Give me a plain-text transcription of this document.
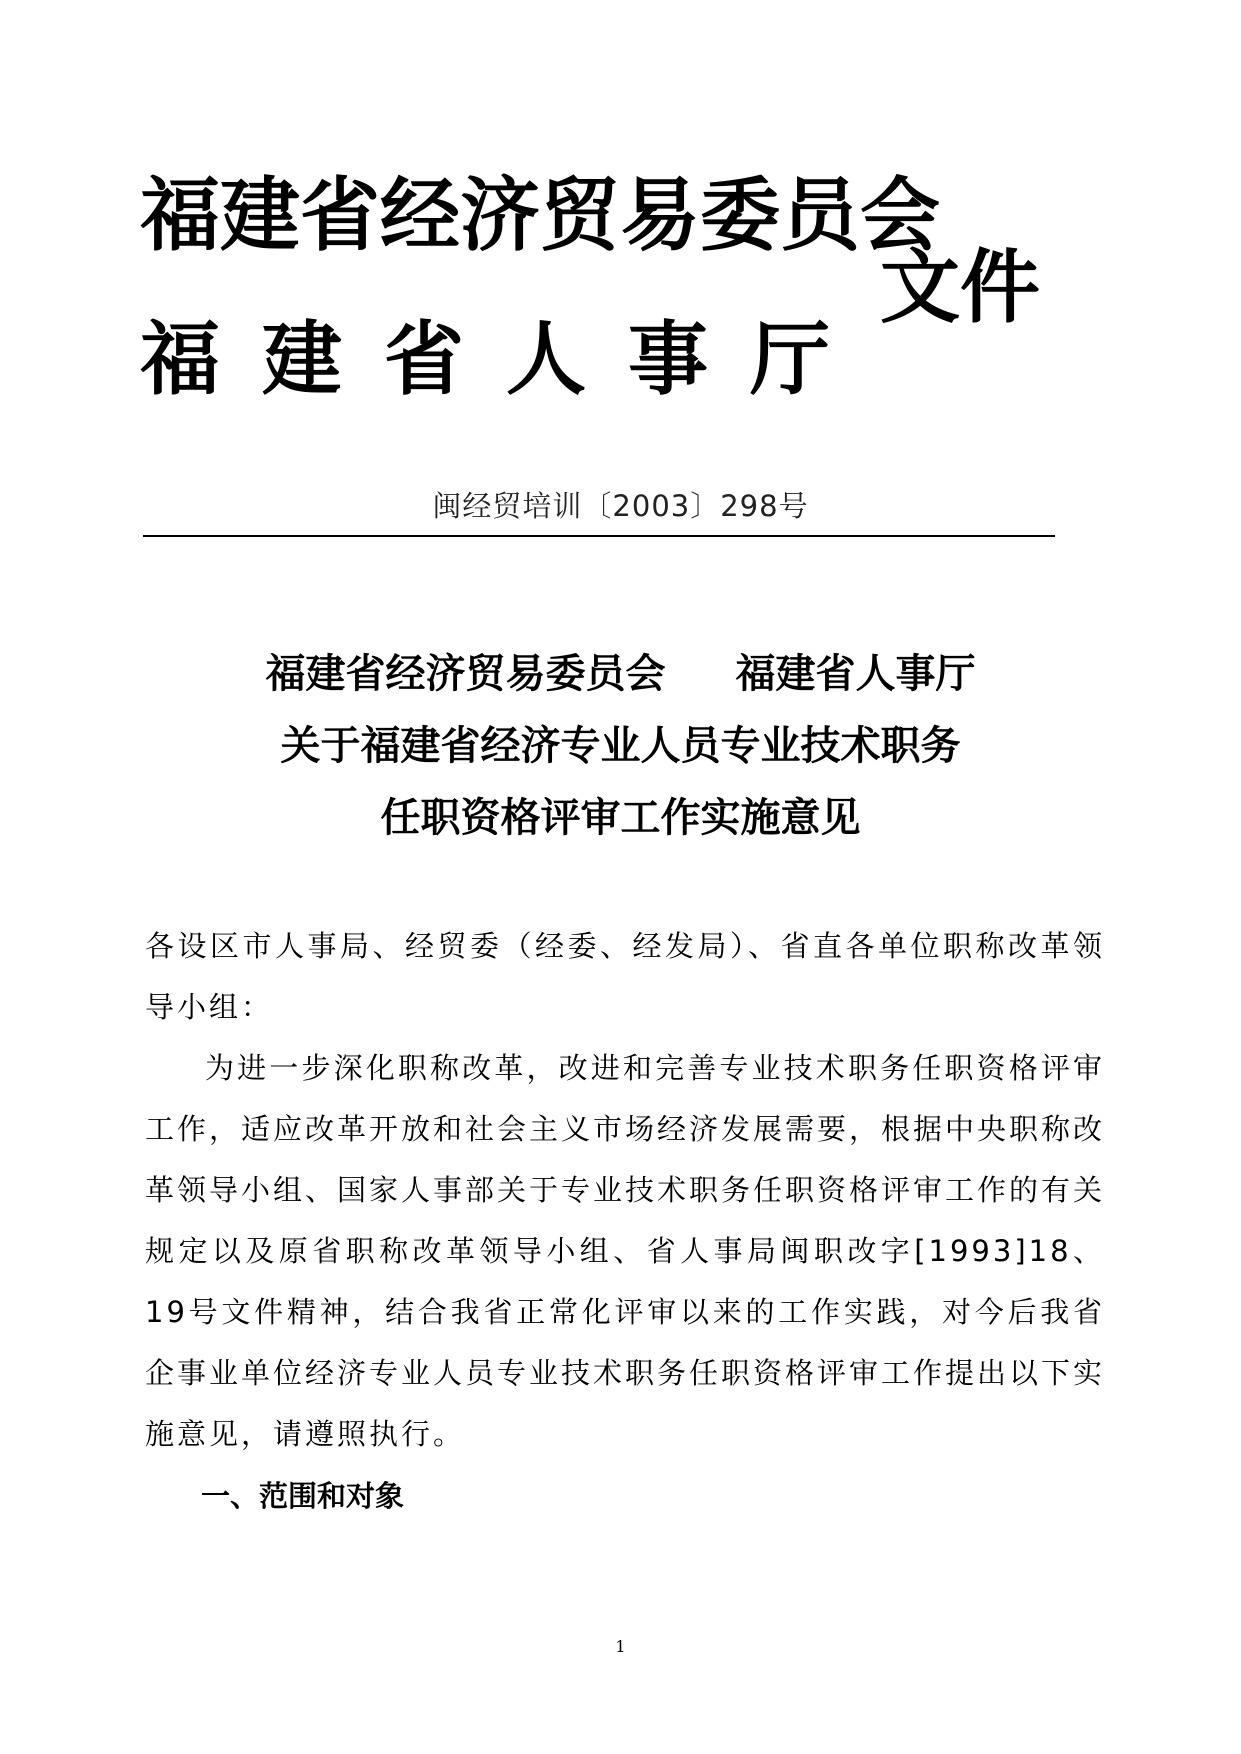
福建省经济贸易委员会
福建省人事厅
文件
闽经贸培训〔2003〕298号
福建省经济贸易委员会 福建省人事厅
关于福建省经济专业人员专业技术职务
任职资格评审工作实施意见
各设区市人事局、经贸委（经委、经发局）、省直各单位职称改革领导小组：
为进一步深化职称改革，改进和完善专业技术职务任职资格评审工作，适应改革开放和社会主义市场经济发展需要，根据中央职称改革领导小组、国家人事部关于专业技术职务任职资格评审工作的有关规定以及原省职称改革领导小组、省人事局闽职改字[1993]18、19号文件精神，结合我省正常化评审以来的工作实践，对今后我省企事业单位经济专业人员专业技术职务任职资格评审工作提出以下实施意见，请遵照执行。
一、范围和对象
1
